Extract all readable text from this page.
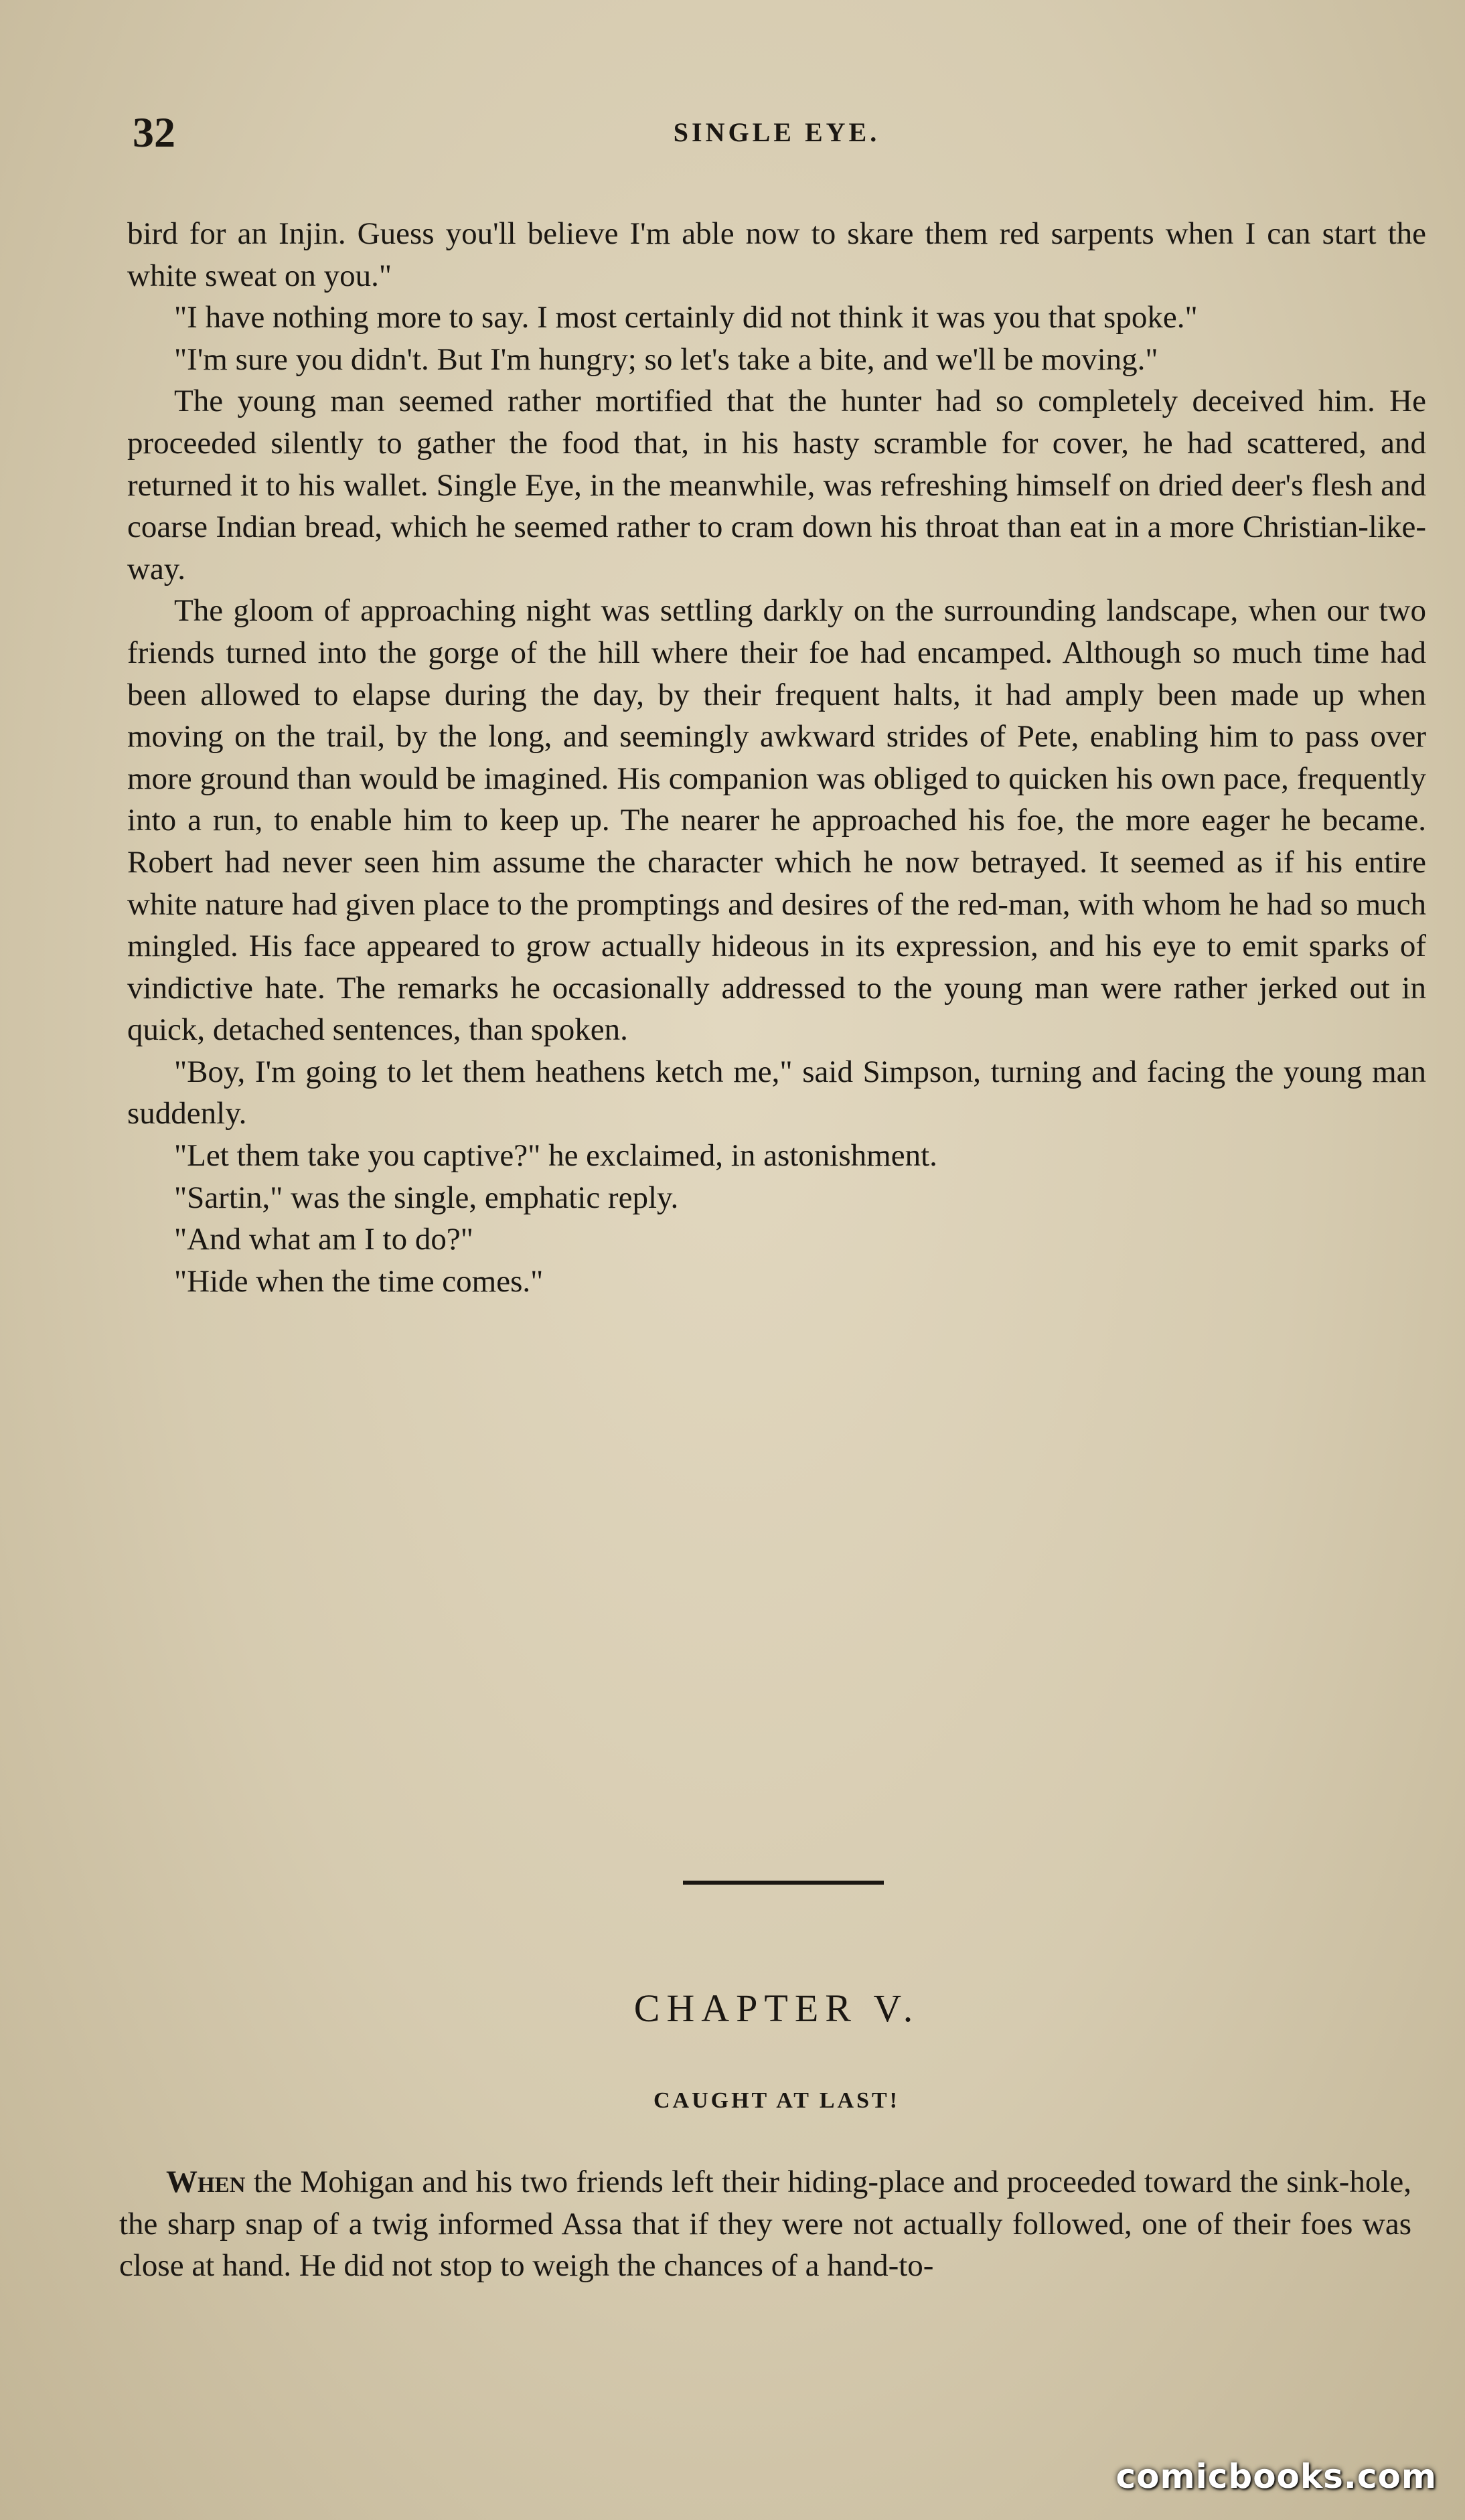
32	SINGLE EYE.

bird for an Injin. Guess you'll believe I'm able now to skare them red sarpents when I can start the white sweat on you."

"I have nothing more to say. I most certainly did not think it was you that spoke."

"I'm sure you didn't. But I'm hungry; so let's take a bite, and we'll be moving."

The young man seemed rather mortified that the hunter had so completely deceived him. He proceeded silently to gather the food that, in his hasty scramble for cover, he had scattered, and returned it to his wallet. Single Eye, in the meanwhile, was refreshing himself on dried deer's flesh and coarse Indian bread, which he seemed rather to cram down his throat than eat in a more Christian-like-way.

The gloom of approaching night was settling darkly on the surrounding landscape, when our two friends turned into the gorge of the hill where their foe had encamped. Although so much time had been allowed to elapse during the day, by their frequent halts, it had amply been made up when moving on the trail, by the long, and seemingly awkward strides of Pete, enabling him to pass over more ground than would be imagined. His companion was obliged to quicken his own pace, frequently into a run, to enable him to keep up. The nearer he approached his foe, the more eager he became. Robert had never seen him assume the character which he now betrayed. It seemed as if his entire white nature had given place to the promptings and desires of the red-man, with whom he had so much mingled. His face appeared to grow actually hideous in its expression, and his eye to emit sparks of vindictive hate. The remarks he occasionally addressed to the young man were rather jerked out in quick, detached sentences, than spoken.

"Boy, I'm going to let them heathens ketch me," said Simpson, turning and facing the young man suddenly.

"Let them take you captive?" he exclaimed, in astonishment.

"Sartin," was the single, emphatic reply.

"And what am I to do?"

"Hide when the time comes."

CHAPTER V.
CAUGHT AT LAST!

When the Mohigan and his two friends left their hiding-place and proceeded toward the sink-hole, the sharp snap of a twig informed Assa that if they were not actually followed, one of their foes was close at hand. He did not stop to weigh the chances of a hand-to-

comicbooks.com
